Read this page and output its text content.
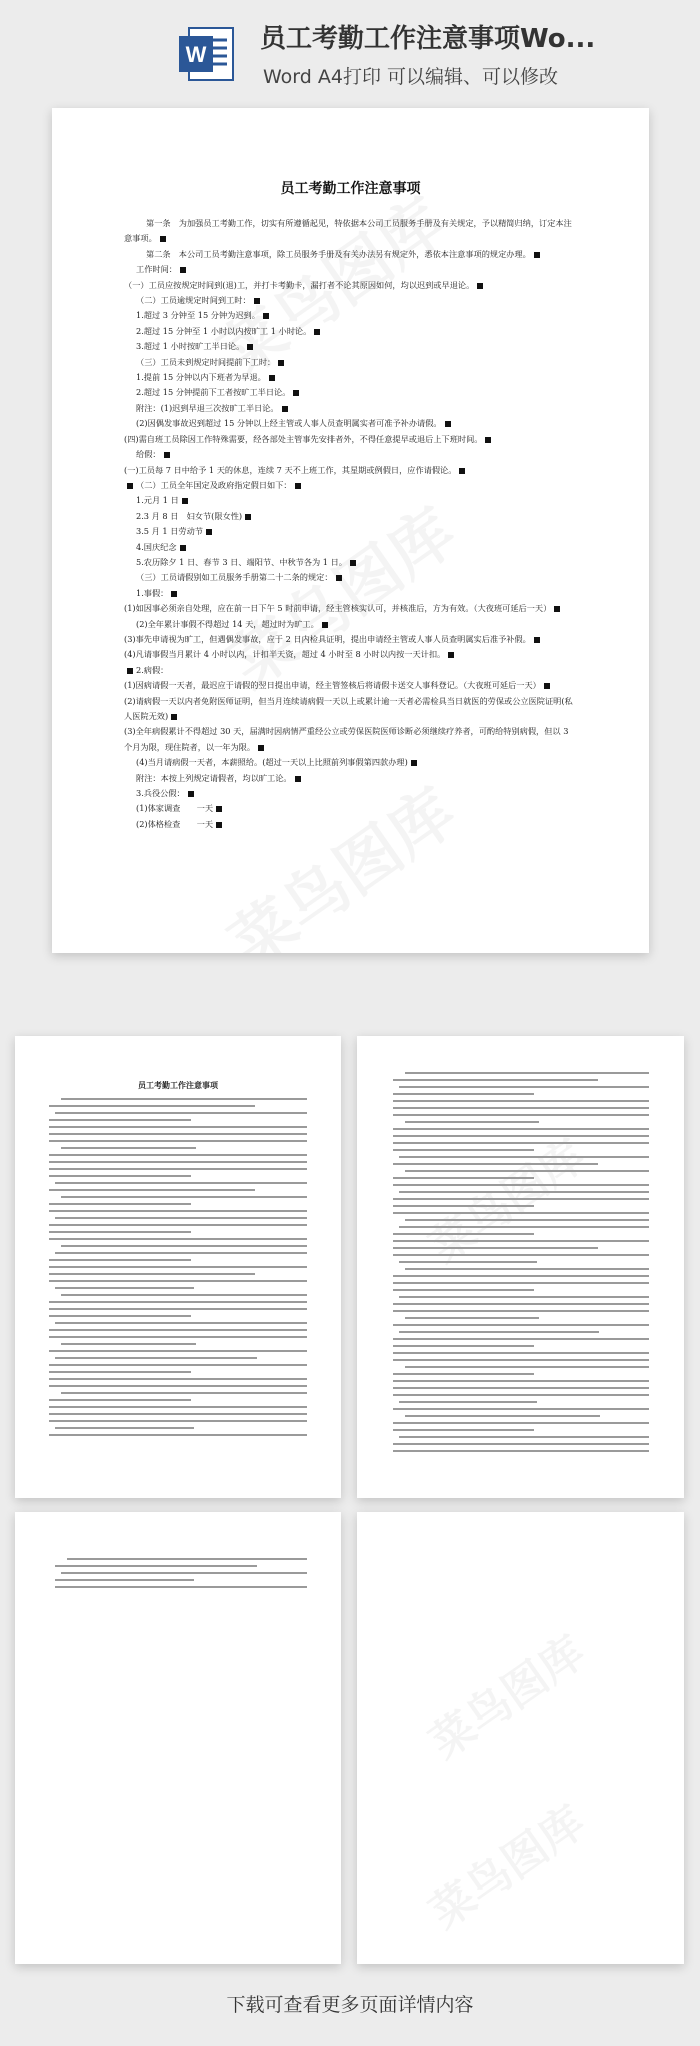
W
员工考勤工作注意事项Wo...
Word A4打印 可以编辑、可以修改
员工考勤工作注意事项

第一条　为加强员工考勤工作，切实有所遵循起见，特依据本公司工员服务手册及有关规定，予以精简归纳，订定本注意事项。

第二条　本公司工员考勤注意事项，除工员服务手册及有关办法另有规定外，悉依本注意事项的规定办理。

工作时间：

（一）工员应按规定时间到(退)工，并打卡考勤卡，漏打者不论其原因如何，均以迟到或早退论。

（二）工员逾规定时间到工时：

1.超过 3 分钟至 15 分钟为迟到。

2.超过 15 分钟至 1 小时以内按旷工 1 小时论。

3.超过 1 小时按旷工半日论。

（三）工员未到规定时间提前下工时：

1.提前 15 分钟以内下班者为早退。

2.超过 15 分钟提前下工者按旷工半日论。

附注：(1)迟到早退三次按旷工半日论。

(2)因偶发事故迟到超过 15 分钟以上经主管或人事人员查明属实者可准予补办请假。

(四)需自班工员除因工作特殊需要，经各部处主管事先安排者外，不得任意提早或退后上下班时间。

给假：

(一)工员每 7 日中给予 1 天的休息，连续 7 天不上班工作，其星期或例假日，应作请假论。

（二）工员全年国定及政府指定假日如下：

1.元月 1 日

2.3 月 8 日　妇女节(限女性)

3.5 月 1 日劳动节

4.国庆纪念

5.农历除夕 1 日、春节 3 日、端阳节、中秋节各为 1 日。

（三）工员请假别如工员服务手册第二十二条的规定：

1.事假：

(1)如因事必须亲自处理，应在前一日下午 5 时前申请，经主管核实认可，并核准后，方为有效。（大夜班可延后一天）

(2)全年累计事假不得超过 14 天，超过时为旷工。

(3)事先申请视为旷工，但遇偶发事故，应于 2 日内检具证明，提出申请经主管或人事人员查明属实后准予补假。

(4)凡请事假当月累计 4 小时以内，计扣半天资，超过 4 小时至 8 小时以内按一天计扣。

2.病假：

(1)因病请假一天者，最迟应于请假的翌日提出申请，经主管签核后将请假卡送交人事科登记。（大夜班可延后一天）

(2)请病假一天以内者免附医师证明，但当月连续请病假一天以上或累计逾一天者必需检具当日就医的劳保或公立医院证明(私人医院无效)

(3)全年病假累计不得超过 30 天，届满时因病情严重经公立或劳保医院医师诊断必须继续疗养者，可酌给特别病假，但以 3 个月为限，现住院者，以一年为限。

(4)当月请病假一天者，本薪照给。(超过一天以上比照前列事假第四款办理)

附注：本按上列规定请假者，均以旷工论。

3.兵役公假：

(1)体家调查　　一天

(2)体格检查　　一天

员工考勤工作注意事项
下载可查看更多页面详情内容
